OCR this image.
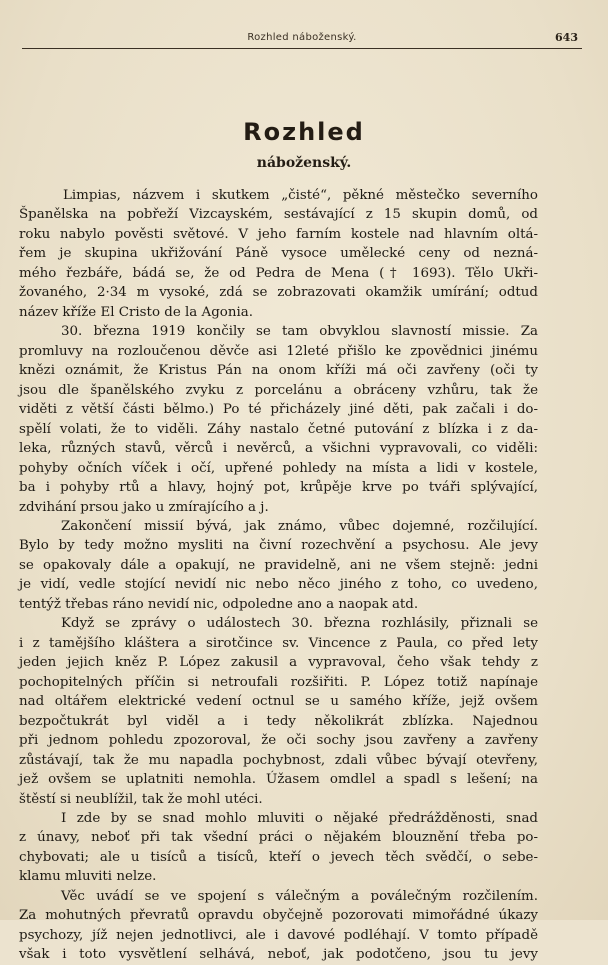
Rozhled náboženský.	643
Rozhled
náboženský.
Limpias, názvem i skutkem „čisté“, pěkné městečko severního
Španělska na pobřeží Vizcayském, sestávající z 15 skupin domů, od
roku nabylo pověsti světové. V jeho farním kostele nad hlavním oltá-
řem je skupina ukřižování Páně vysoce umělecké ceny od nezná-
mého řezbáře, bádá se, že od Pedra de Mena († 1693). Tělo Ukři-
žovaného, 2·34 m vysoké, zdá se zobrazovati okamžik umírání; odtud
název kříže El Cristo de la Agonia.
30. března 1919 končily se tam obvyklou slavností missie. Za
promluvy na rozloučenou děvče asi 12leté přišlo ke zpovědnici jinému
knězi oznámit, že Kristus Pán na onom kříži má oči zavřeny (oči ty
jsou dle španělského zvyku z porcelánu a obráceny vzhůru, tak že
viděti z větší části bělmo.) Po té přicházely jiné děti, pak začali i do-
spělí volati, že to viděli. Záhy nastalo četné putování z blízka i z da-
leka, různých stavů, věrců i nevěrců, a všichni vypravovali, co viděli:
pohyby očních víček i očí, upřené pohledy na místa a lidi v kostele,
ba i pohyby rtů a hlavy, hojný pot, krůpěje krve po tváři splývající,
zdvihání prsou jako u zmírajícího a j.
Zakončení missií bývá, jak známo, vůbec dojemné, rozčilující.
Bylo by tedy možno mysliti na čivní rozechvění a psychosu. Ale jevy
se opakovaly dále a opakují, ne pravidelně, ani ne všem stejně: jedni
je vidí, vedle stojící nevidí nic nebo něco jiného z toho, co uvedeno,
tentýž třebas ráno nevidí nic, odpoledne ano a naopak atd.
Když se zprávy o událostech 30. března rozhlásily, přiznali se
i z tamějšího kláštera a sirotčince sv. Vincence z Paula, co před lety
jeden jejich kněz P. López zakusil a vypravoval, čeho však tehdy z
pochopitelných příčin si netroufali rozšiřiti. P. López totiž napínaje
nad oltářem elektrické vedení octnul se u samého kříže, jejž ovšem
bezpočtukrát byl viděl a i tedy několikrát zblízka. Najednou
při jednom pohledu zpozoroval, že oči sochy jsou zavřeny a zavřeny
zůstávají, tak že mu napadla pochybnost, zdali vůbec bývají otevřeny,
jež ovšem se uplatniti nemohla. Úžasem omdlel a spadl s lešení; na
štěstí si neublížil, tak že mohl utéci.
I zde by se snad mohlo mluviti o nějaké předrážděnosti, snad
z únavy, neboť při tak všední práci o nějakém blouznění třeba po-
chybovati; ale u tisíců a tisíců, kteří o jevech těch svědčí, o sebe-
klamu mluviti nelze.
Věc uvádí se ve spojení s válečným a poválečným rozčilením.
Za mohutných převratů opravdu obyčejně pozorovati mimořádné úkazy
psychozy, jíž nejen jednotlivci, ale i davové podléhají. V tomto případě
však i toto vysvětlení selhává, neboť, jak podotčeno, jsou tu jevy
